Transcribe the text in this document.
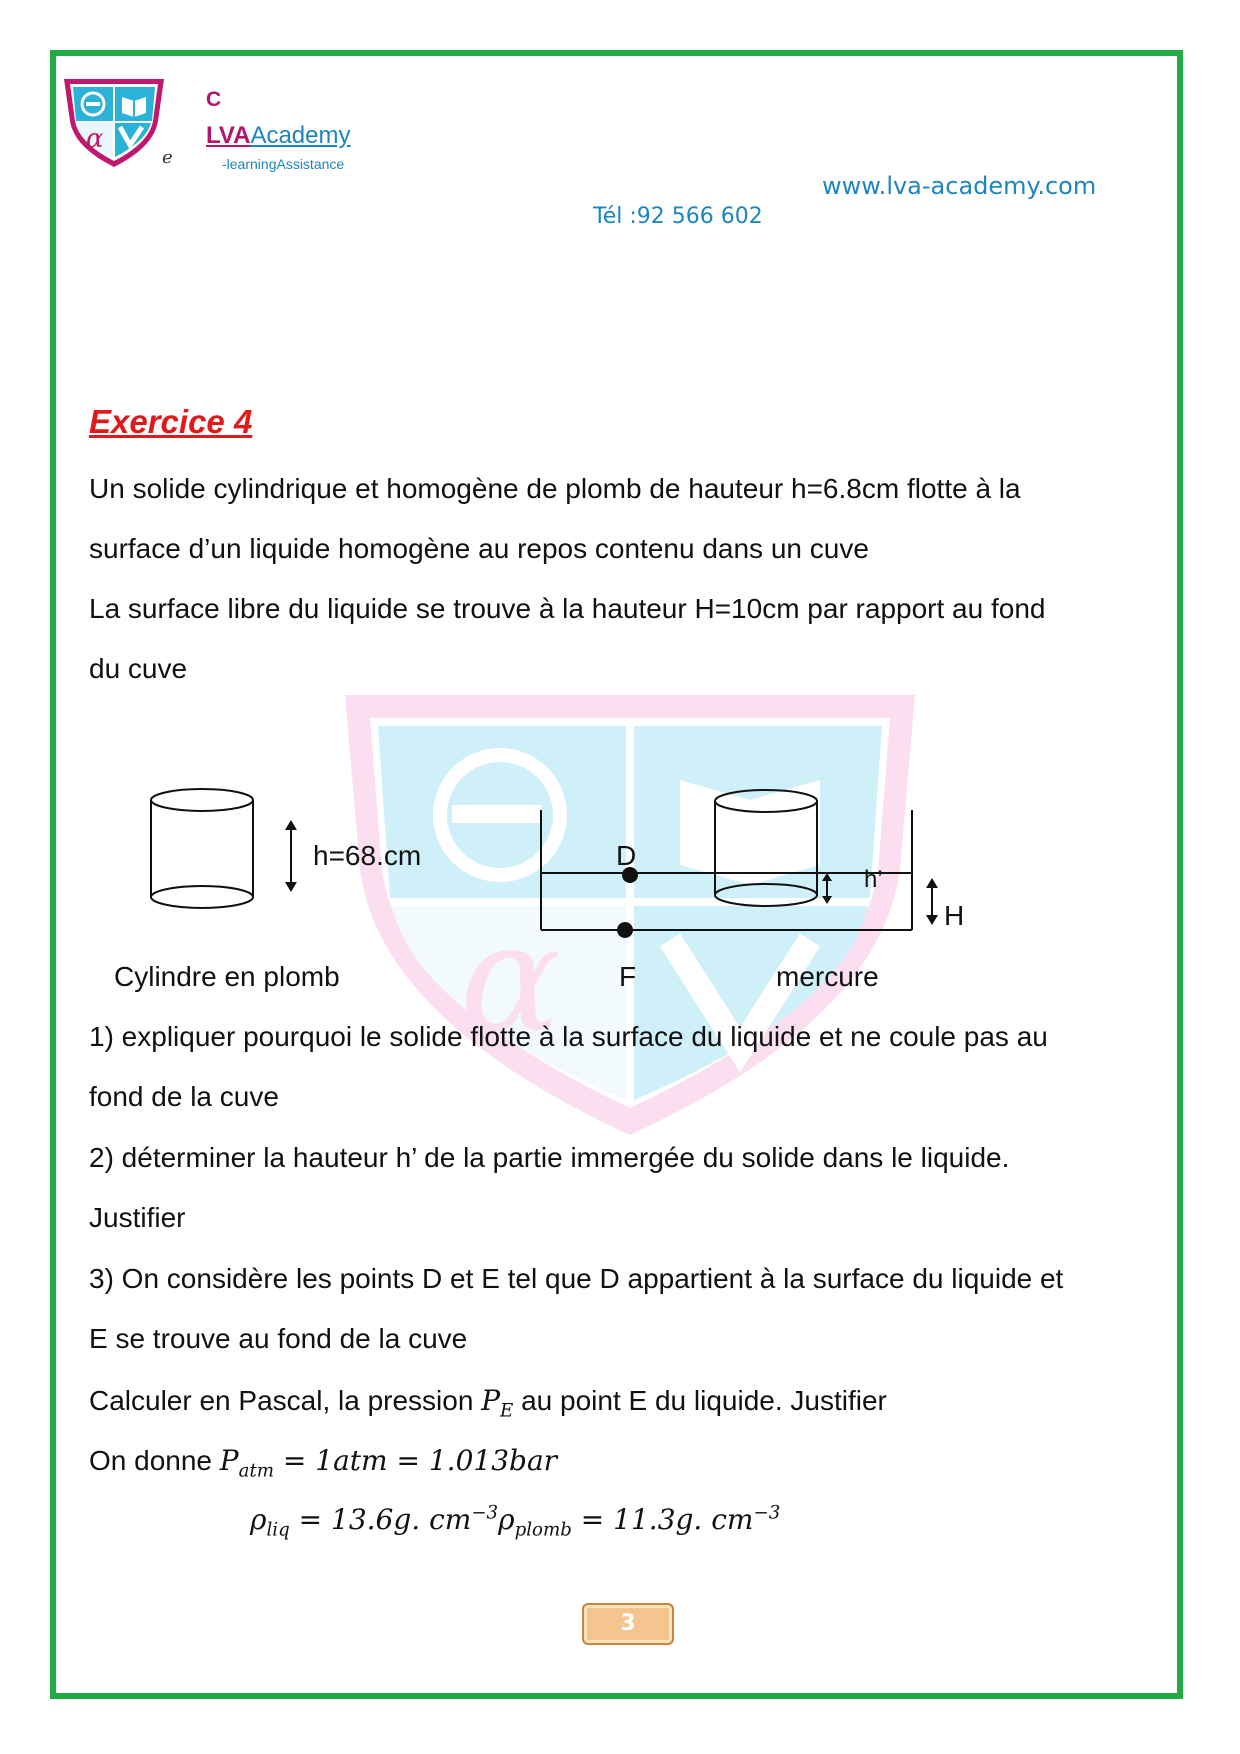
α
e
C
LVAAcademy
-learningAssistance
www.lva-academy.com
Tél :92 566 602
α
Exercice 4
Un solide cylindrique et homogène de plomb de hauteur h=6.8cm flotte à la
surface d’un liquide homogène au repos contenu dans un cuve
La surface libre du liquide se trouve à la hauteur H=10cm par rapport au fond
du cuve
h=68.cm	D
h’
H
Cylindre en plomb	F	mercure
1) expliquer pourquoi le solide flotte à la surface du liquide et ne coule pas au
fond de la cuve
2) déterminer la hauteur h’ de la partie immergée du solide dans le liquide.
Justifier
3) On considère les points D et E tel que D appartient à la surface du liquide et
E se trouve au fond de la cuve
Calculer en Pascal, la pression $P_E$ au point E du liquide. Justifier
On donne $P_{atm} = 1atm = 1.013bar$
$\rho_{liq} = 13.6g$. $cm^{-3}\rho_{plomb} = 11.3g$. $cm^{-3}$
3
